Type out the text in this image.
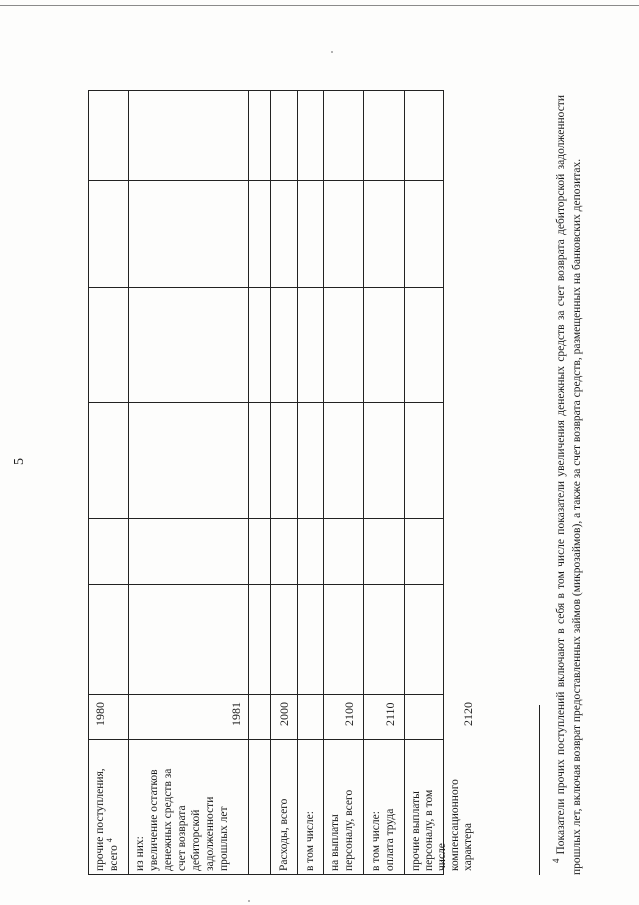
5
прочие поступления, всего $^4$
1980
из них: увеличение остатков денежных средств за счет возврата дебиторской задолженности прошлых лет
1981
Расходы, всего
2000
в том числе: на выплаты персоналу, всего
2100
в том числе: оплата труда
2110
прочие выплаты персоналу, в том числе компенсационного характера
2120
$^4$Показатели прочих поступлений включают в себя в том числе показатели увеличения денежных средств за счет возврата дебиторской задолженности прошлых лет, включая возврат предоставленных займов (микрозаймов), а также за счет возврата средств, размещенных на банковских депозитах.
